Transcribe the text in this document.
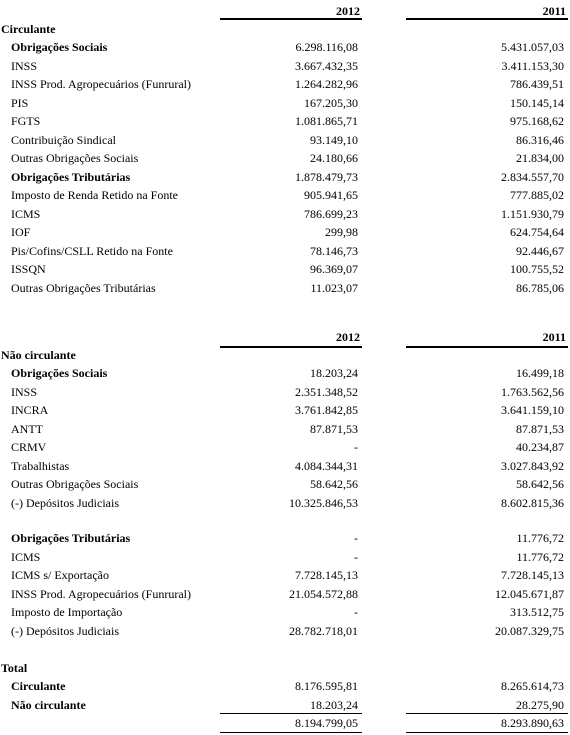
2012	2011
Circulante
Obrigações Sociais	6.298.116,08	5.431.057,03
INSS	3.667.432,35	3.411.153,30
INSS Prod. Agropecuários (Funrural)	1.264.282,96	786.439,51
PIS	167.205,30	150.145,14
FGTS	1.081.865,71	975.168,62
Contribuição Sindical	93.149,10	86.316,46
Outras Obrigações Sociais	24.180,66	21.834,00
Obrigações Tributárias	1.878.479,73	2.834.557,70
Imposto de Renda Retido na Fonte	905.941,65	777.885,02
ICMS	786.699,23	1.151.930,79
IOF	299,98	624.754,64
Pis/Cofins/CSLL Retido na Fonte	78.146,73	92.446,67
ISSQN	96.369,07	100.755,52
Outras Obrigações Tributárias	11.023,07	86.785,06
2012	2011
Não circulante
Obrigações Sociais	18.203,24	16.499,18
INSS	2.351.348,52	1.763.562,56
INCRA	3.761.842,85	3.641.159,10
ANTT	87.871,53	87.871,53
CRMV	-	40.234,87
Trabalhistas	4.084.344,31	3.027.843,92
Outras Obrigações Sociais	58.642,56	58.642,56
(-) Depósitos Judiciais	10.325.846,53	8.602.815,36
Obrigações Tributárias	-	11.776,72
ICMS	-	11.776,72
ICMS s/ Exportação	7.728.145,13	7.728.145,13
INSS Prod. Agropecuários (Funrural)	21.054.572,88	12.045.671,87
Imposto de Importação	-	313.512,75
(-) Depósitos Judiciais	28.782.718,01	20.087.329,75
Total
Circulante	8.176.595,81	8.265.614,73
Não circulante	18.203,24	28.275,90
8.194.799,05	8.293.890,63
